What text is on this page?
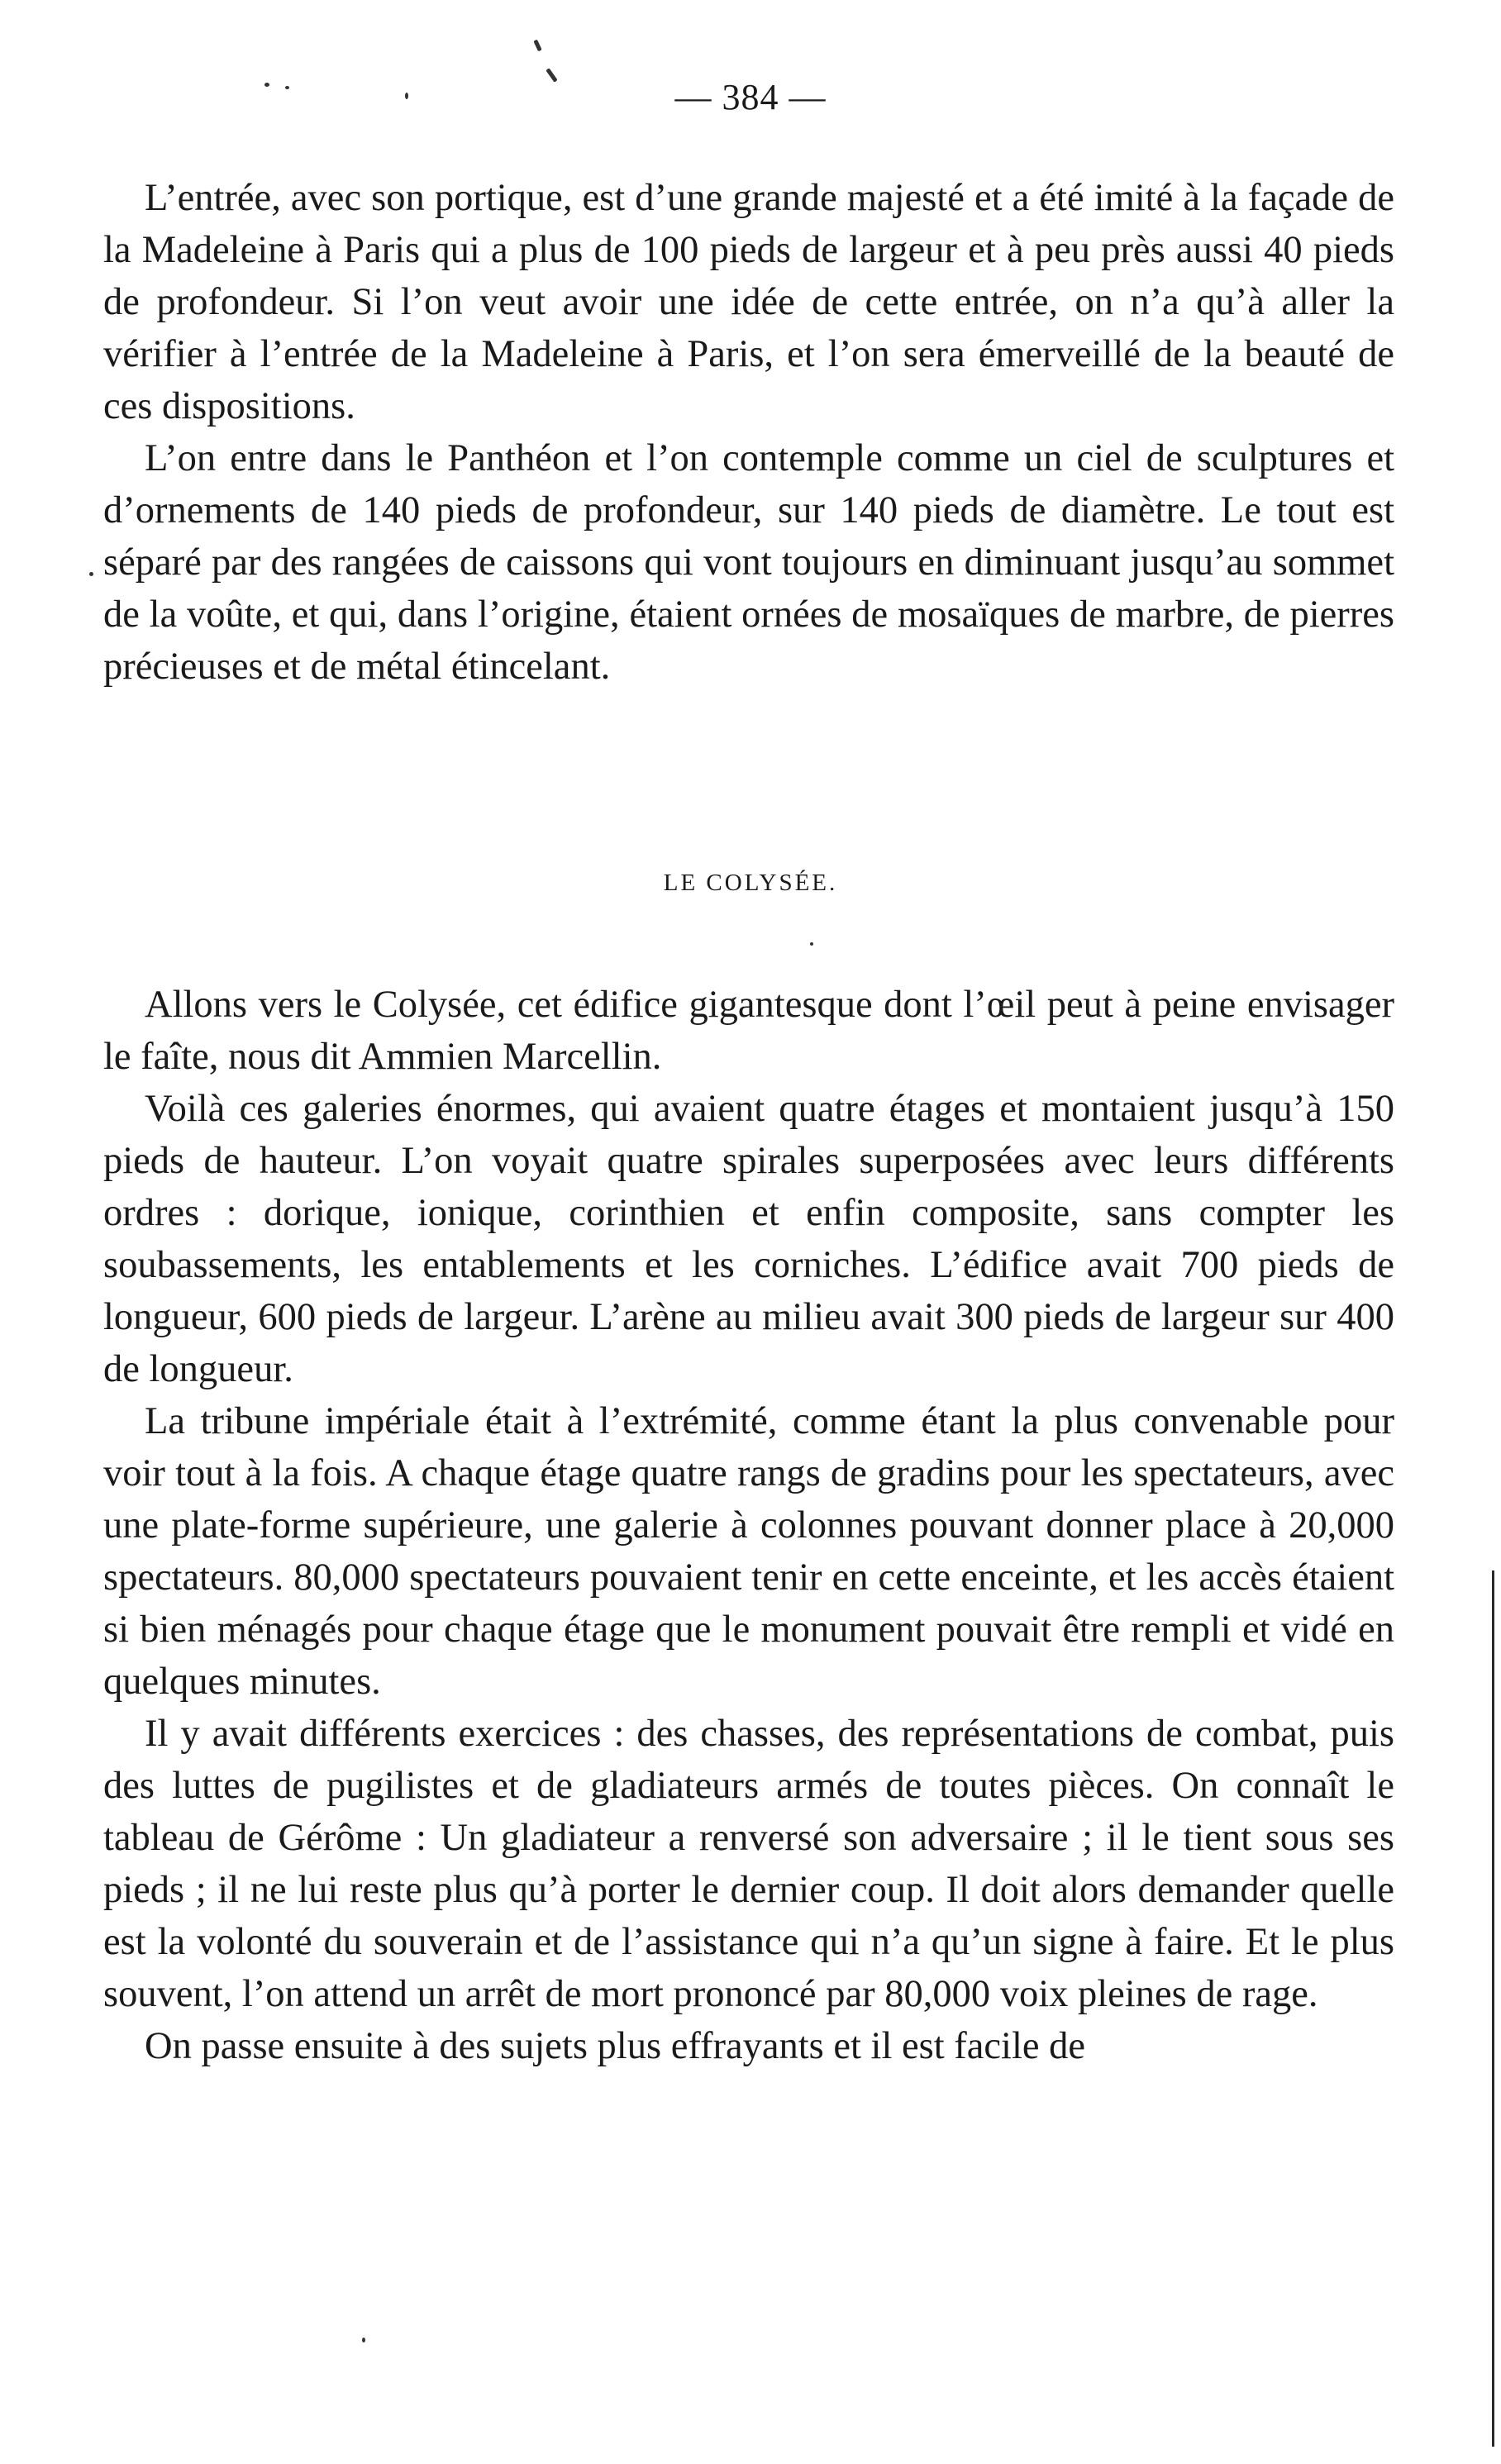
— 384 —

L’entrée, avec son portique, est d’une grande majesté et a été imité à la façade de la Madeleine à Paris qui a plus de 100 pieds de largeur et à peu près aussi 40 pieds de profondeur. Si l’on veut avoir une idée de cette entrée, on n’a qu’à aller la vérifier à l’entrée de la Madeleine à Paris, et l’on sera émerveillé de la beauté de ces dispositions.

L’on entre dans le Panthéon et l’on contemple comme un ciel de sculptures et d’ornements de 140 pieds de profondeur, sur 140 pieds de diamètre. Le tout est séparé par des rangées de caissons qui vont toujours en diminuant jusqu’au sommet de la voûte, et qui, dans l’origine, étaient ornées de mosaïques de marbre, de pierres précieuses et de métal étincelant.

LE COLYSÉE.

Allons vers le Colysée, cet édifice gigantesque dont l’œil peut à peine envisager le faîte, nous dit Ammien Marcellin.

Voilà ces galeries énormes, qui avaient quatre étages et montaient jusqu’à 150 pieds de hauteur. L’on voyait quatre spirales superposées avec leurs différents ordres : dorique, ionique, corinthien et enfin composite, sans compter les soubassements, les entablements et les corniches. L’édifice avait 700 pieds de longueur, 600 pieds de largeur. L’arène au milieu avait 300 pieds de largeur sur 400 de longueur.

La tribune impériale était à l’extrémité, comme étant la plus convenable pour voir tout à la fois. A chaque étage quatre rangs de gradins pour les spectateurs, avec une plate-forme supérieure, une galerie à colonnes pouvant donner place à 20,000 spectateurs. 80,000 spectateurs pouvaient tenir en cette enceinte, et les accès étaient si bien ménagés pour chaque étage que le monument pouvait être rempli et vidé en quelques minutes.

Il y avait différents exercices : des chasses, des représentations de combat, puis des luttes de pugilistes et de gladiateurs armés de toutes pièces. On connaît le tableau de Gérôme : Un gladiateur a renversé son adversaire ; il le tient sous ses pieds ; il ne lui reste plus qu’à porter le dernier coup. Il doit alors demander quelle est la volonté du souverain et de l’assistance qui n’a qu’un signe à faire. Et le plus souvent, l’on attend un arrêt de mort prononcé par 80,000 voix pleines de rage.

On passe ensuite à des sujets plus effrayants et il est facile de
